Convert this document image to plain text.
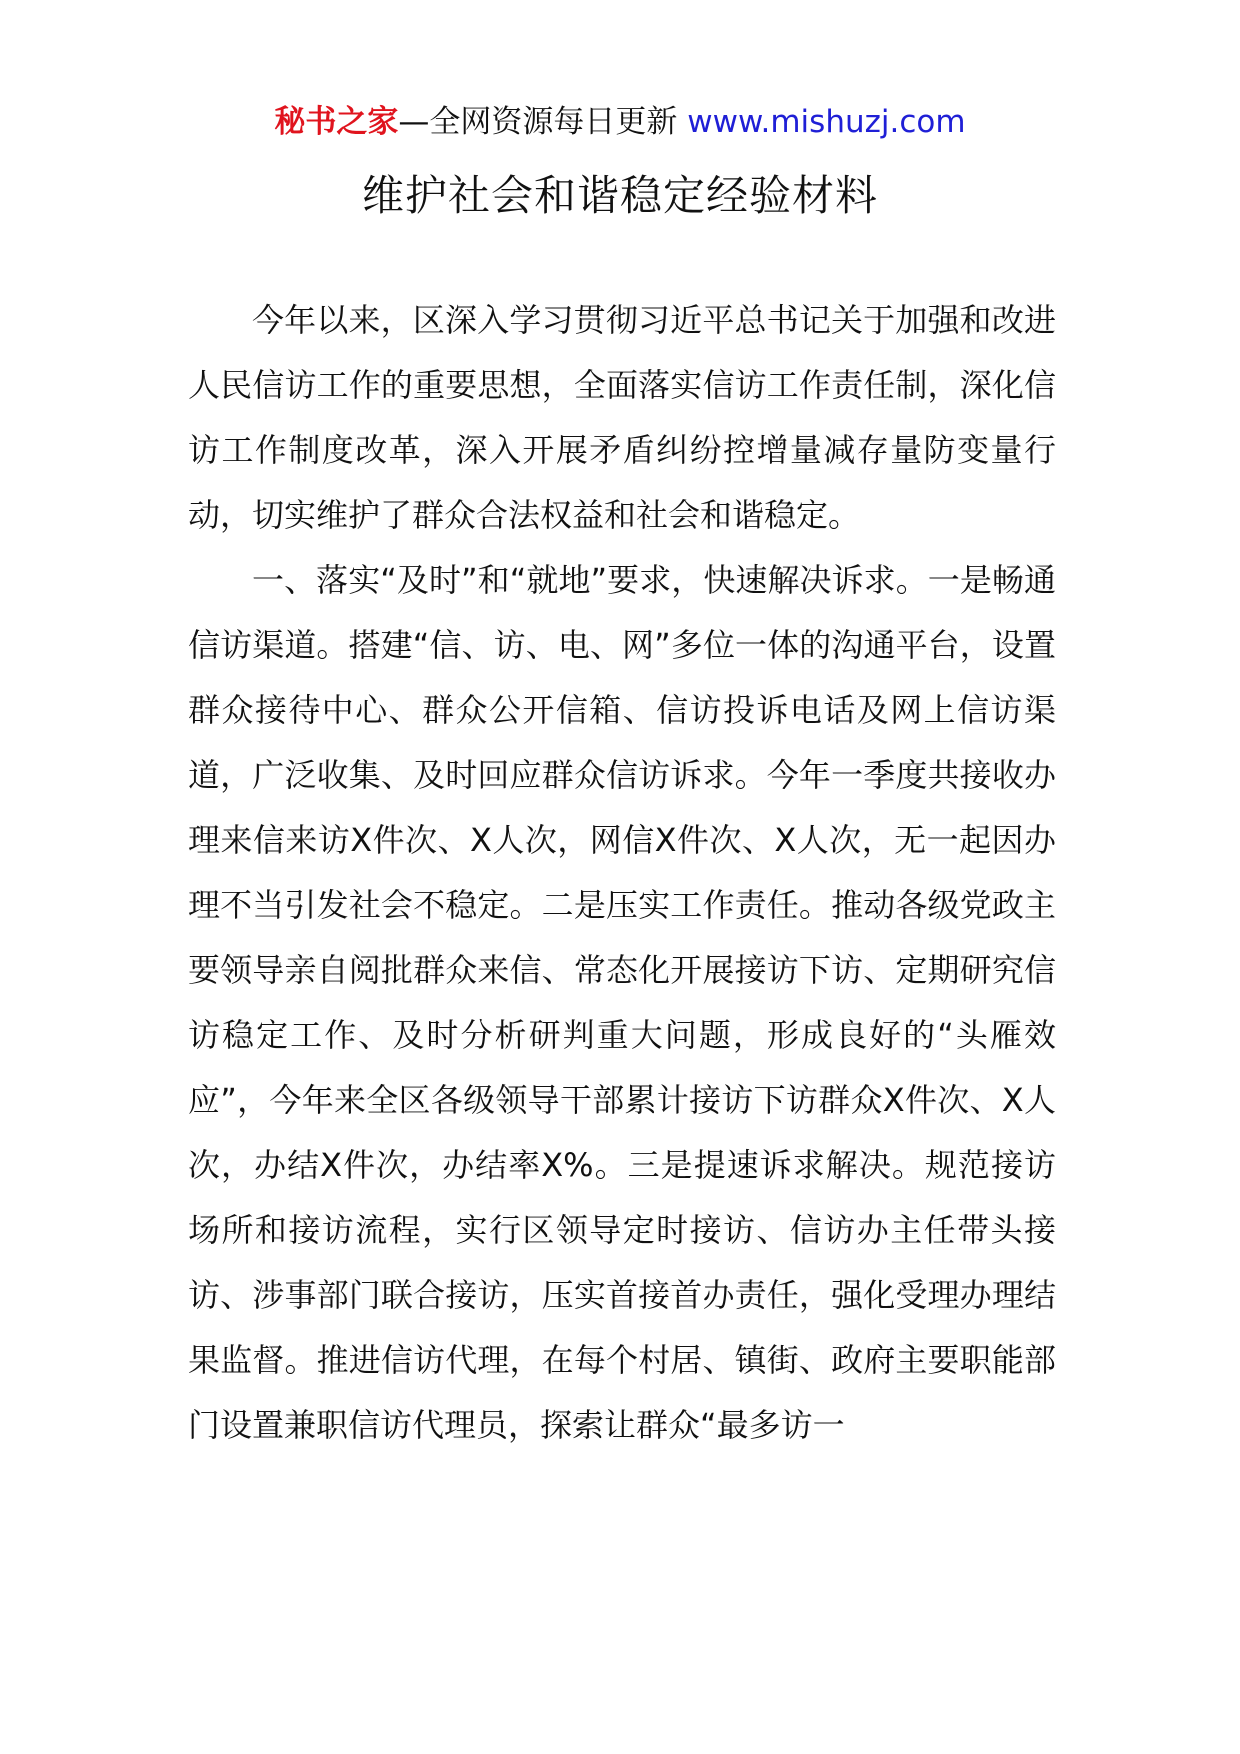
秘书之家—全网资源每日更新 www.mishuzj.com
维护社会和谐稳定经验材料

今年以来，区深入学习贯彻习近平总书记关于加强和改进人民信访工作的重要思想，全面落实信访工作责任制，深化信访工作制度改革，深入开展矛盾纠纷控增量减存量防变量行动，切实维护了群众合法权益和社会和谐稳定。

一、落实“及时”和“就地”要求，快速解决诉求。一是畅通信访渠道。搭建“信、访、电、网”多位一体的沟通平台，设置群众接待中心、群众公开信箱、信访投诉电话及网上信访渠道，广泛收集、及时回应群众信访诉求。今年一季度共接收办理来信来访X件次、X人次，网信X件次、X人次，无一起因办理不当引发社会不稳定。二是压实工作责任。推动各级党政主要领导亲自阅批群众来信、常态化开展接访下访、定期研究信访稳定工作、及时分析研判重大问题，形成良好的“头雁效应”，今年来全区各级领导干部累计接访下访群众X件次、X人次，办结X件次，办结率X%。三是提速诉求解决。规范接访场所和接访流程，实行区领导定时接访、信访办主任带头接访、涉事部门联合接访，压实首接首办责任，强化受理办理结果监督。推进信访代理，在每个村居、镇街、政府主要职能部门设置兼职信访代理员，探索让群众“最多访一
